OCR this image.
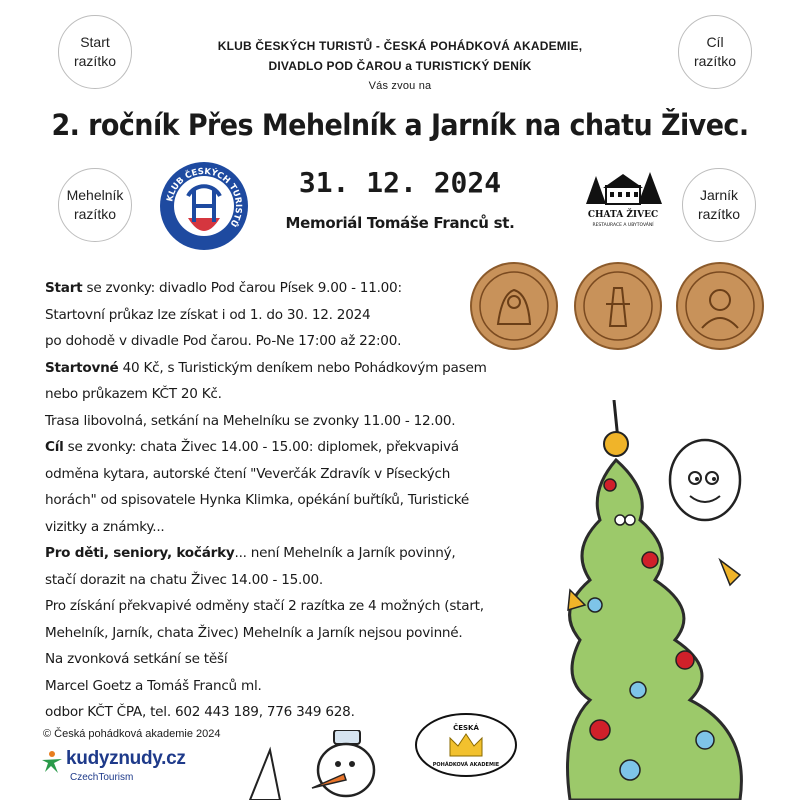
Start
razítko
Cíl
razítko
Mehelník
razítko
Jarník
razítko
KLUB ČESKÝCH TURISTŮ - ČESKÁ POHÁDKOVÁ AKADEMIE,
DIVADLO POD ČAROU a TURISTICKÝ DENÍK
Vás zvou na
2. ročník Přes Mehelník a Jarník na chatu Živec.
31. 12. 2024
Memoriál Tomáše Franců st.
KLUB ČESKÝCH TURISTŮ
CHATA ŽIVEC
RESTAURACE A UBYTOVÁNÍ
Start se zvonky: divadlo Pod čarou Písek 9.00 - 11.00:
Startovní průkaz lze získat i od 1. do 30. 12. 2024
po dohodě v divadle Pod čarou. Po-Ne 17:00 až 22:00.
Startovné 40 Kč, s Turistickým deníkem nebo Pohádkovým pasem
nebo průkazem KČT 20 Kč.
Trasa libovolná, setkání na Mehelníku se zvonky 11.00 - 12.00.
Cíl se zvonky: chata Živec 14.00 - 15.00: diplomek, překvapivá
odměna kytara, autorské čtení "Veverčák Zdravík v Píseckých
horách" od spisovatele Hynka Klimka, opékání buřtíků, Turistické
vizitky a známky...
Pro děti, seniory, kočárky... není Mehelník a Jarník povinný,
stačí dorazit na chatu Živec 14.00 - 15.00.
Pro získání překvapivé odměny stačí 2 razítka ze 4 možných (start,
Mehelník, Jarník, chata Živec) Mehelník a Jarník nejsou povinné.
Na zvonková setkání se těší
Marcel Goetz a Tomáš Franců ml.
odbor KČT ČPA, tel. 602 443 189, 776 349 628.
© Česká pohádková akademie 2024
kudyznudy.cz
CzechTourism
ČESKÁ
POHÁDKOVÁ AKADEMIE
